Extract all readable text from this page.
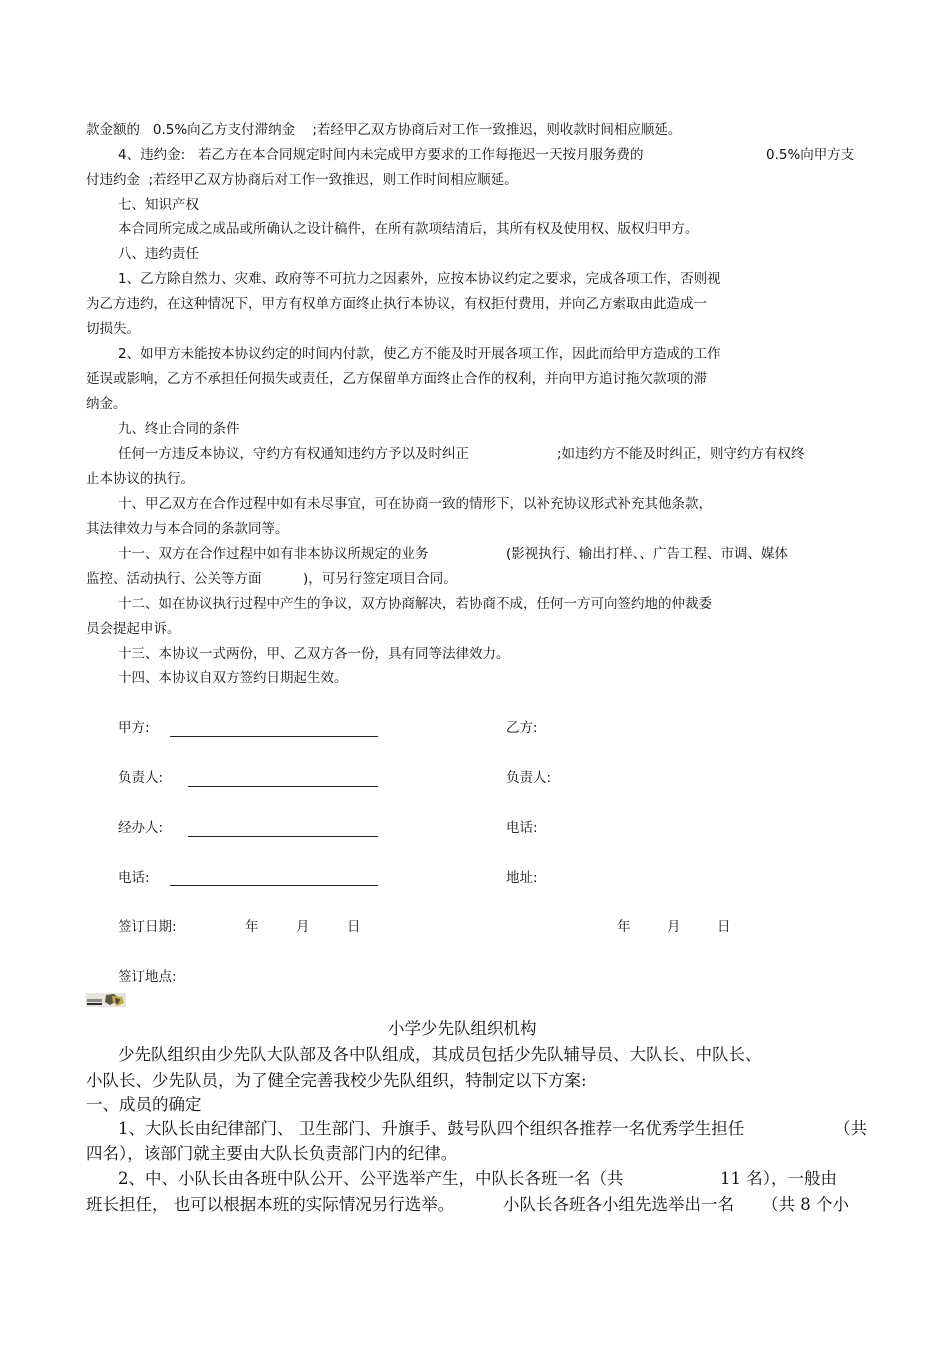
款金额的   0.5%向乙方支付滞纳金    ;若经甲乙双方协商后对工作一致推迟，则收款时间相应顺延。
4、违约金:   若乙方在本合同规定时间内未完成甲方要求的工作每拖迟一天按月服务费的	0.5%向甲方支
付违约金  ;若经甲乙双方协商后对工作一致推迟，则工作时间相应顺延。
七、知识产权
本合同所完成之成品或所确认之设计稿件，在所有款项结清后，其所有权及使用权、版权归甲方。
八、违约责任
1、乙方除自然力、灾难、政府等不可抗力之因素外，应按本协议约定之要求，完成各项工作，否则视
为乙方违约，在这种情况下，甲方有权单方面终止执行本协议，有权拒付费用，并向乙方索取由此造成一
切损失。
2、如甲方未能按本协议约定的时间内付款，使乙方不能及时开展各项工作，因此而给甲方造成的工作
延误或影响，乙方不承担任何损失或责任，乙方保留单方面终止合作的权利，并向甲方追讨拖欠款项的滞
纳金。
九、终止合同的条件
任何一方违反本协议，守约方有权通知违约方予以及时纠正	;如违约方不能及时纠正，则守约方有权终
止本协议的执行。
十、甲乙双方在合作过程中如有未尽事宜，可在协商一致的情形下，以补充协议形式补充其他条款，
其法律效力与本合同的条款同等。
十一、双方在合作过程中如有非本协议所规定的业务	(影视执行、输出打样、、广告工程、市调、媒体
监控、活动执行、公关等方面	)，可另行签定项目合同。
十二、如在协议执行过程中产生的争议，双方协商解决，若协商不成，任何一方可向签约地的仲裁委
员会提起申诉。
十三、本协议一式两份，甲、乙双方各一份，具有同等法律效力。
十四、本协议自双方签约日期起生效。
甲方:	乙方:
负责人:	负责人:
经办人:	电话:
电话:	地址:
签订日期:	年	月	日	年	月	日
签订地点:
小学少先队组织机构
少先队组织由少先队大队部及各中队组成，其成员包括少先队辅导员、大队长、中队长、
小队长、少先队员，为了健全完善我校少先队组织，特制定以下方案:
一、成员的确定
1、大队长由纪律部门、 卫生部门、升旗手、鼓号队四个组织各推荐一名优秀学生担任	（共
四名），该部门就主要由大队长负责部门内的纪律。
2、中、小队长由各班中队公开、公平选举产生，中队长各班一名（共	11 名），一般由
班长担任， 也可以根据本班的实际情况另行选举。	小队长各班各小组先选举出一名 （共 8 个小
